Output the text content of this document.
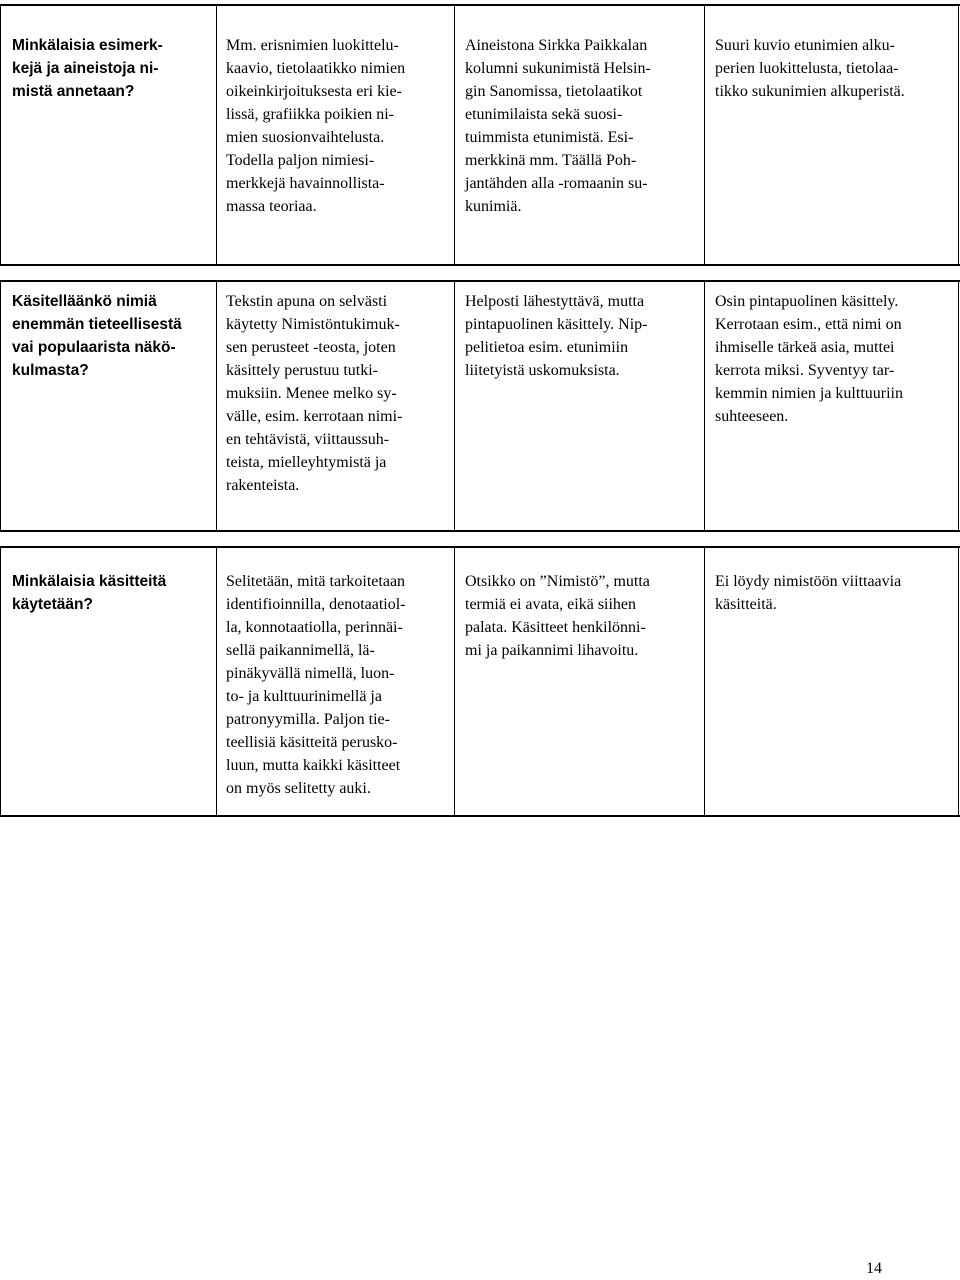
Minkälaisia esimerk-
kejä ja aineistoja ni-
mistä annetaan?
Mm. erisnimien luokittelu-
kaavio, tietolaatikko nimien
oikeinkirjoituksesta eri kie-
lissä, grafiikka poikien ni-
mien suosionvaihtelusta.
Todella paljon nimiesi-
merkkejä havainnollista-
massa teoriaa.
Aineistona Sirkka Paikkalan
kolumni sukunimistä Helsin-
gin Sanomissa, tietolaatikot
etunimilaista sekä suosi-
tuimmista etunimistä. Esi-
merkkinä mm. Täällä Poh-
jantähden alla -romaanin su-
kunimiä.
Suuri kuvio etunimien alku-
perien luokittelusta, tietolaa-
tikko sukunimien alkuperistä.
Käsitelläänkö nimiä
enemmän tieteellisestä
vai populaarista näkö-
kulmasta?
Tekstin apuna on selvästi
käytetty Nimistöntukimuk-
sen perusteet -teosta, joten
käsittely perustuu tutki-
muksiin. Menee melko sy-
välle, esim. kerrotaan nimi-
en tehtävistä, viittaussuh-
teista, mielleyhtymistä ja
rakenteista.
Helposti lähestyttävä, mutta
pintapuolinen käsittely. Nip-
pelitietoa esim. etunimiin
liitetyistä uskomuksista.
Osin pintapuolinen käsittely.
Kerrotaan esim., että nimi on
ihmiselle tärkeä asia, muttei
kerrota miksi. Syventyy tar-
kemmin nimien ja kulttuuriin
suhteeseen.
Minkälaisia käsitteitä
käytetään?
Selitetään, mitä tarkoitetaan
identifioinnilla, denotaatiol-
la, konnotaatiolla, perinnäi-
sellä paikannimellä, lä-
pinäkyvällä nimellä, luon-
to- ja kulttuurinimellä ja
patronyymilla. Paljon tie-
teellisiä käsitteitä perusko-
luun, mutta kaikki käsitteet
on myös selitetty auki.
Otsikko on ”Nimistö”, mutta
termiä ei avata, eikä siihen
palata. Käsitteet henkilönni-
mi ja paikannimi lihavoitu.
Ei löydy nimistöön viittaavia
käsitteitä.
14
